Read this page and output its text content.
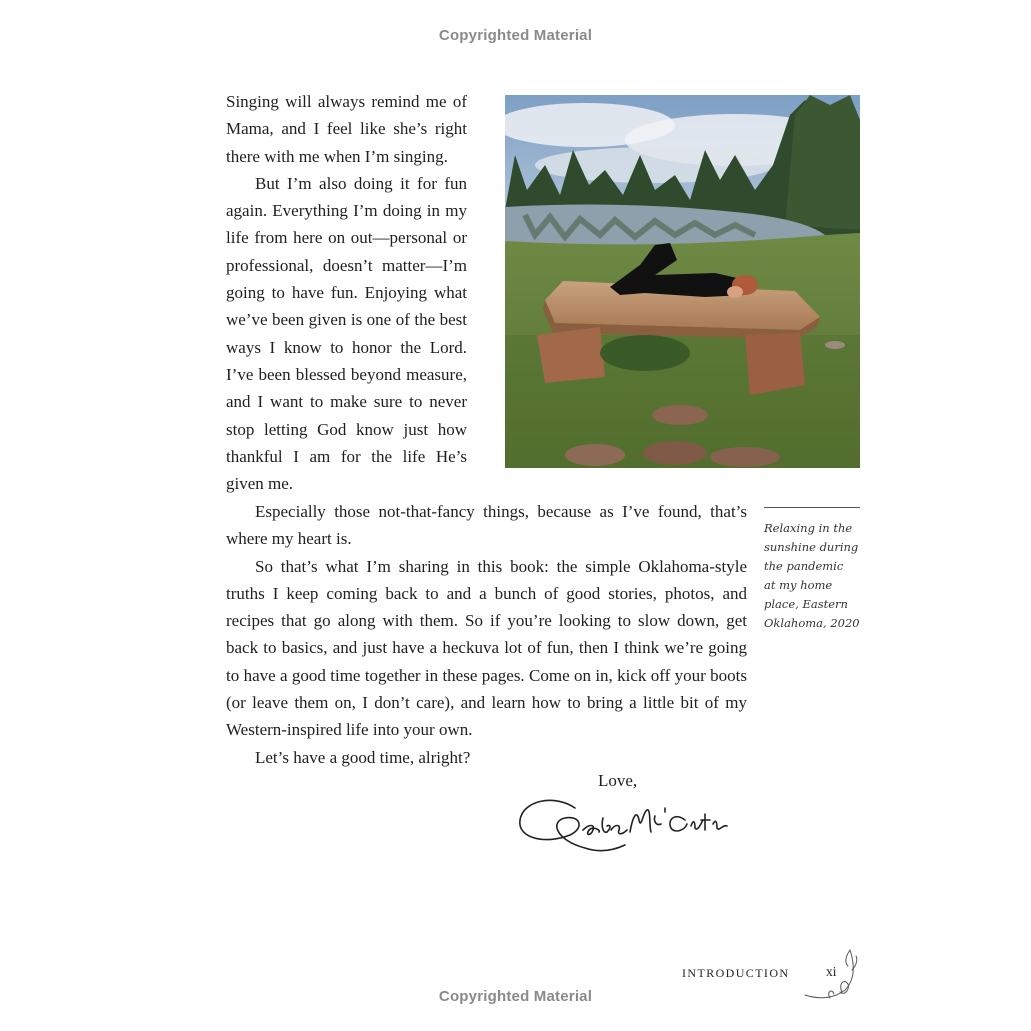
Copyrighted Material

Singing will always remind me of Mama, and I feel like she’s right there with me when I’m singing.

But I’m also doing it for fun again. Everything I’m doing in my life from here on out—personal or professional, doesn’t matter—I’m going to have fun. Enjoying what we’ve been given is one of the best ways I know to honor the Lord. I’ve been blessed beyond measure, and I want to make sure to never stop letting God know just how thankful I am for the life He’s given me.

Relaxing in the
sunshine during
the pandemic
at my home
place, Eastern
Oklahoma, 2020

Especially those not-that-fancy things, because as I’ve found, that’s where my heart is.

So that’s what I’m sharing in this book: the simple Oklahoma-style truths I keep coming back to and a bunch of good stories, photos, and recipes that go along with them. So if you’re looking to slow down, get back to basics, and just have a heckuva lot of fun, then I think we’re going to have a good time together in these pages. Come on in, kick off your boots (or leave them on, I don’t care), and learn how to bring a little bit of my Western-inspired life into your own.

Let’s have a good time, alright?

Love,
INTRODUCTION	xi
Copyrighted Material
